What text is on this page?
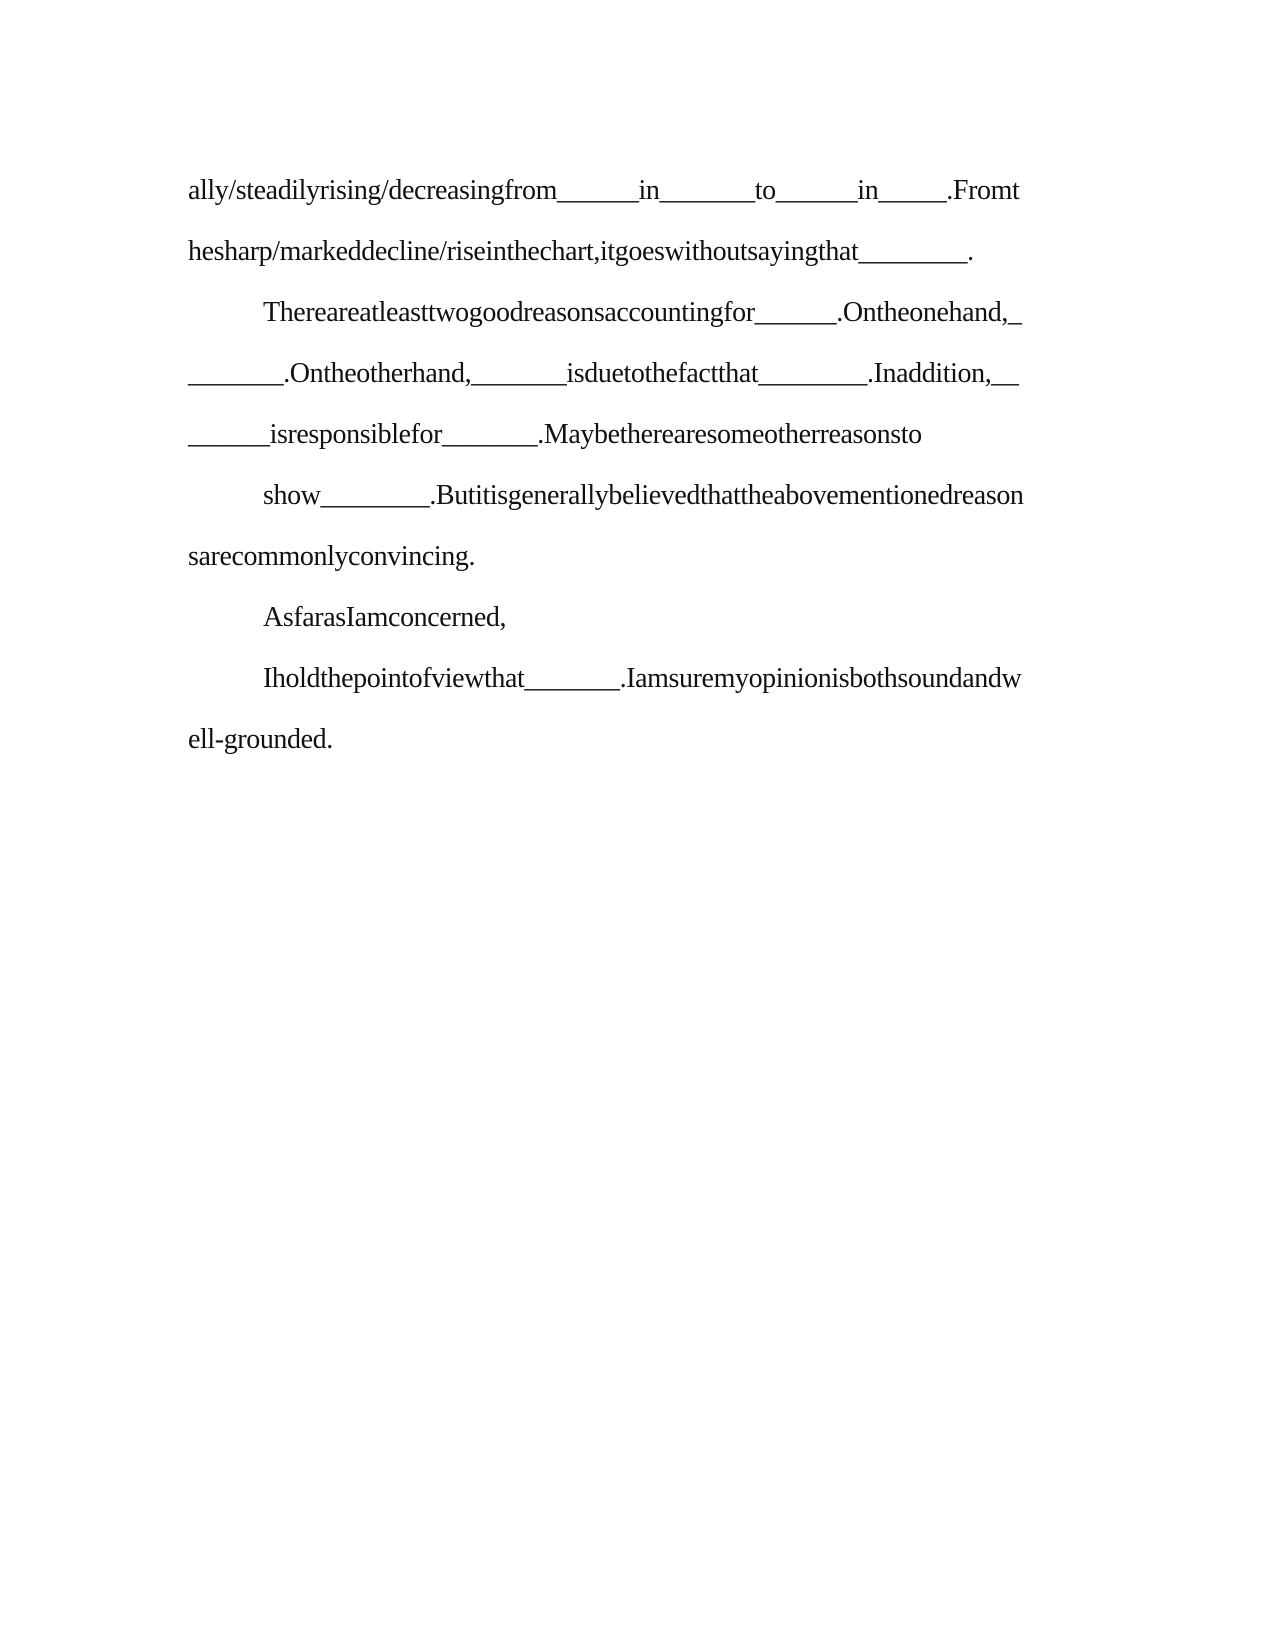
ally/steadilyrising/decreasingfrom______in_______to______in_____.Fromt
hesharp/markeddecline/riseinthechart,itgoeswithoutsayingthat________.
Thereareatleasttwogoodreasonsaccountingfor______.Ontheonehand,_
_______.Ontheotherhand,_______isduetothefactthat________.Inaddition,__
______isresponsiblefor_______.Maybetherearesomeotherreasonsto
show________.Butitisgenerallybelievedthattheabovementionedreason
sarecommonlyconvincing.
AsfarasIamconcerned,
Iholdthepointofviewthat_______.Iamsuremyopinionisbothsoundandw
ell-grounded.
